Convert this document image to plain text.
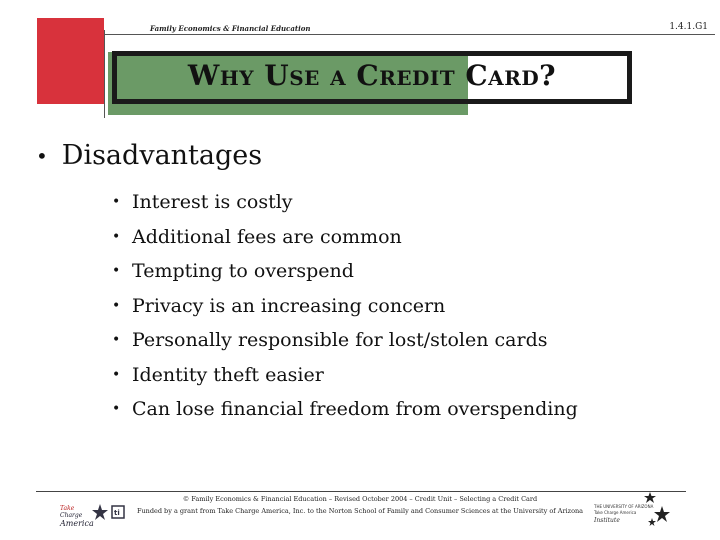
Family Economics & Financial Education	1.4.1.G1
Why Use a Credit Card?
• Disadvantages
• Interest is costly
• Additional fees are common
• Tempting to overspend
• Privacy is an increasing concern
• Personally responsible for lost/stolen cards
• Identity theft easier
• Can lose financial freedom from overspending
Take
Charge
America
ti
© Family Economics & Financial Education – Revised October 2004 – Credit Unit – Selecting a Credit Card
Funded by a grant from Take Charge America, Inc. to the Norton School of Family and Consumer Sciences at the University of Arizona
THE UNIVERSITY OF ARIZONA
Take Charge America
Institute
